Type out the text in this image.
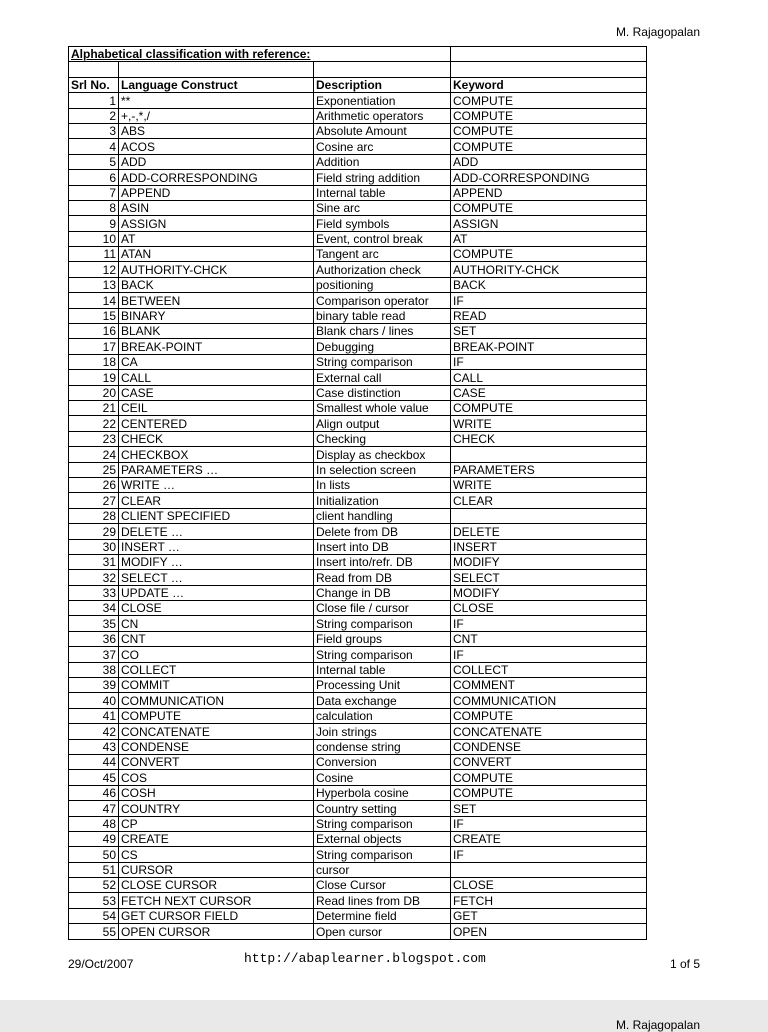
M. Rajagopalan
Alphabetical classification with reference:			

Srl No.	Language Construct	Description	Keyword
1	**	Exponentiation	COMPUTE
2	+,-,*,/	Arithmetic operators	COMPUTE
3	ABS	Absolute Amount	COMPUTE
4	ACOS	Cosine arc	COMPUTE
5	ADD	Addition	ADD
6	ADD-CORRESPONDING	Field string addition	ADD-CORRESPONDING
7	APPEND	Internal table	APPEND
8	ASIN	Sine arc	COMPUTE
9	ASSIGN	Field symbols	ASSIGN
10	AT	Event, control break	AT
11	ATAN	Tangent arc	COMPUTE
12	AUTHORITY-CHCK	Authorization check	AUTHORITY-CHCK
13	BACK	positioning	BACK
14	BETWEEN	Comparison operator	IF
15	BINARY	binary table read	READ
16	BLANK	Blank chars / lines	SET
17	BREAK-POINT	Debugging	BREAK-POINT
18	CA	String comparison	IF
19	CALL	External call	CALL
20	CASE	Case distinction	CASE
21	CEIL	Smallest whole value	COMPUTE
22	CENTERED	Align output	WRITE
23	CHECK	Checking	CHECK
24	CHECKBOX	Display as checkbox	
25	PARAMETERS …	In selection screen	PARAMETERS
26	WRITE …	In lists	WRITE
27	CLEAR	Initialization	CLEAR
28	CLIENT SPECIFIED	client handling	
29	DELETE …	Delete from DB	DELETE
30	INSERT …	Insert into DB	INSERT
31	MODIFY …	Insert into/refr. DB	MODIFY
32	SELECT …	Read from DB	SELECT
33	UPDATE …	Change in DB	MODIFY
34	CLOSE	Close file / cursor	CLOSE
35	CN	String comparison	IF
36	CNT	Field groups	CNT
37	CO	String comparison	IF
38	COLLECT	Internal table	COLLECT
39	COMMIT	Processing Unit	COMMENT
40	COMMUNICATION	Data exchange	COMMUNICATION
41	COMPUTE	calculation	COMPUTE
42	CONCATENATE	Join strings	CONCATENATE
43	CONDENSE	condense string	CONDENSE
44	CONVERT	Conversion	CONVERT
45	COS	Cosine	COMPUTE
46	COSH	Hyperbola cosine	COMPUTE
47	COUNTRY	Country setting	SET
48	CP	String comparison	IF
49	CREATE	External objects	CREATE
50	CS	String comparison	IF
51	CURSOR	cursor	
52	CLOSE CURSOR	Close Cursor	CLOSE
53	FETCH NEXT CURSOR	Read lines from DB	FETCH
54	GET CURSOR FIELD	Determine field	GET
55	OPEN CURSOR	Open cursor	OPEN
29/Oct/2007	http://abaplearner.blogspot.com	1 of 5
M. Rajagopalan
